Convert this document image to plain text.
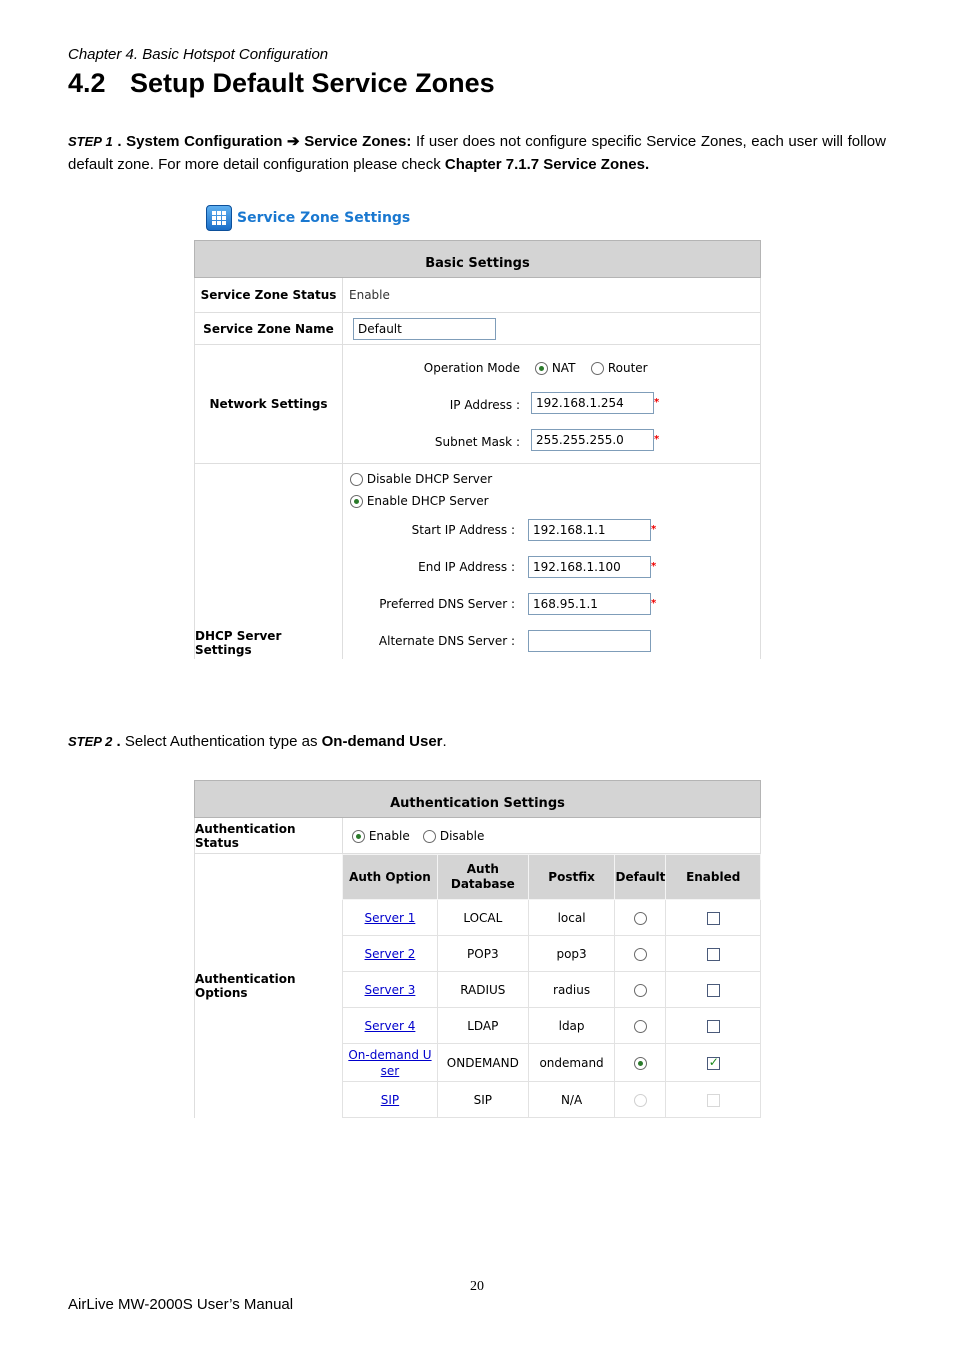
Chapter 4. Basic Hotspot Configuration
4.2 Setup Default Service Zones
STEP 1 . System Configuration ➔ Service Zones: If user does not configure specific Service Zones, each user will follow default zone. For more detail configuration please check Chapter 7.1.7 Service Zones.
Service Zone Settings
Basic Settings
Service Zone Status	Enable
Service Zone Name	Default
Network Settings
Operation Mode	NAT	Router
IP Address :	192.168.1.254	*
Subnet Mask :	255.255.255.0	*
DHCP Server Settings
Disable DHCP Server
Enable DHCP Server
Start IP Address :	192.168.1.1	*
End IP Address :	192.168.1.100	*
Preferred DNS Server :	168.95.1.1	*
Alternate DNS Server :
STEP 2 . Select Authentication type as On-demand User.
Authentication Settings
Authentication Status	Enable	Disable
Authentication Options
Auth Option	Auth Database	Postfix	Default	Enabled
Server 1	LOCAL	local		
Server 2	POP3	pop3		
Server 3	RADIUS	radius		
Server 4	LDAP	ldap		
On-demand User	ONDEMAND	ondemand		✓
SIP	SIP	N/A		
20
AirLive MW-2000S User’s Manual
